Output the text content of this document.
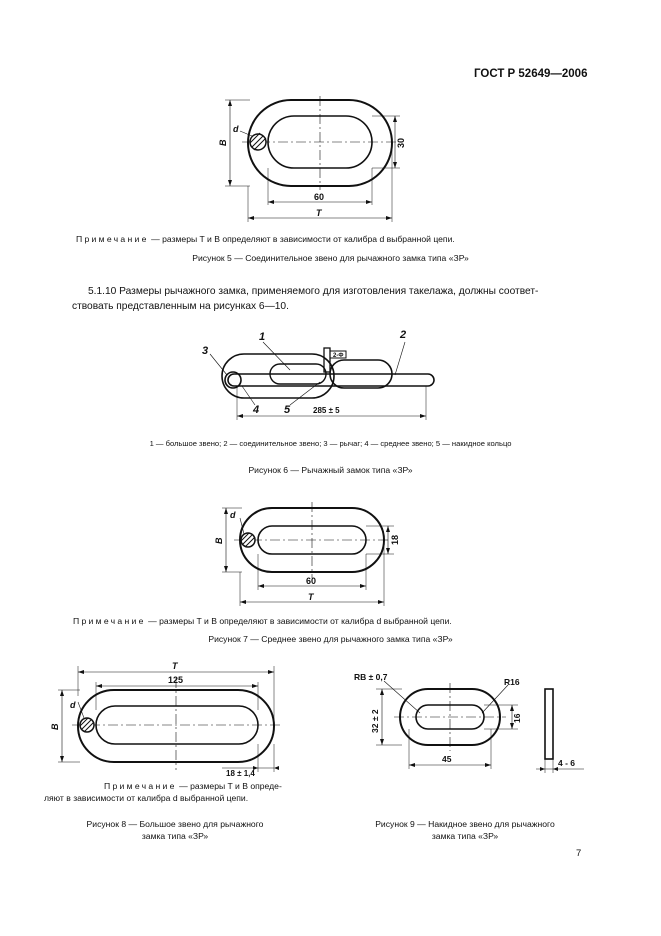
ГОСТ Р 52649—2006
d
B	30
60
T
Примечание — размеры T и B определяют в зависимости от калибра d выбранной цепи.
Рисунок 5 — Соединительное звено для рычажного замка типа «ЗР»
5.1.10 Размеры рычажного замка, применяемого для изготовления такелажа, должны соответ-
ствовать представленным на рисунках 6—10.
2-Ф
1	2
3
4 5	285 ± 5
1 — большое звено; 2 — соединительное звено; 3 — рычаг; 4 — среднее звено; 5 — накидное кольцо
Рисунок 6 — Рычажный замок типа «ЗР»
d
B	18
60
T
Примечание — размеры T и B определяют в зависимости от калибра d выбранной цепи.
Рисунок 7 — Среднее звено для рычажного замка типа «ЗР»
T
125
d
B
18 ± 1,4
Примечание — размеры T и B опреде-
ляют в зависимости от калибра d выбранной цепи.
Рисунок 8 — Большое звено для рычажного
замка типа «ЗР»
RB ± 0,7	R16
32 ± 2	16
45	4 - 6
Рисунок 9 — Накидное звено для рычажного
замка типа «ЗР»
7
